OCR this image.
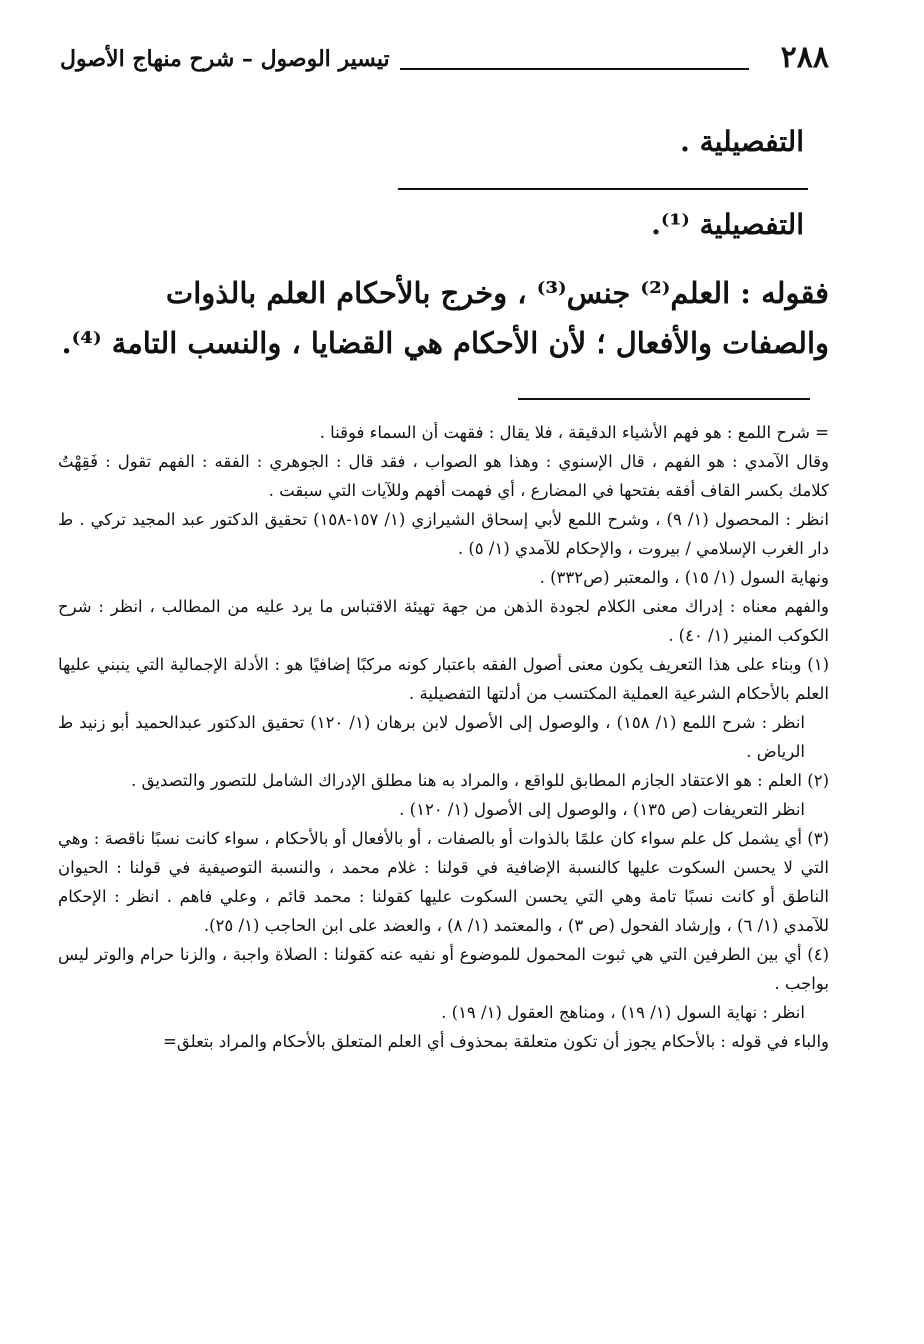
٢٨٨
تيسير الوصول – شرح منهاج الأصول
التفصيلية .
التفصيلية ⁽¹⁾.
فقوله : العلم⁽²⁾ جنس⁽³⁾ ، وخرج بالأحكام العلم بالذوات
والصفات والأفعال ؛ لأن الأحكام هي القضايا ، والنسب التامة ⁽⁴⁾.

= شرح اللمع : هو فهم الأشياء الدقيقة ، فلا يقال : فقهت أن السماء فوقنا .

وقال الآمدي : هو الفهم ، قال الإسنوي : وهذا هو الصواب ، فقد قال : الجوهري : الفقه : الفهم تقول : فَقِهْتُ كلامك بكسر القاف أفقه بفتحها في المضارع ، أي فهمت أفهم وللآيات التي سبقت .

انظر : المحصول (١/ ٩) ، وشرح اللمع لأبي إسحاق الشيرازي (١/ ١٥٧-١٥٨) تحقيق الدكتور عبد المجيد تركي . ط دار الغرب الإسلامي / بيروت ، والإحكام للآمدي (١/ ٥) .

ونهاية السول (١/ ١٥) ، والمعتبر (ص٣٣٢) .

والفهم معناه : إدراك معنى الكلام لجودة الذهن من جهة تهيئة الاقتباس ما يرد عليه من المطالب ، انظر : شرح الكوكب المنير (١/ ٤٠) .

(١) وبناء على هذا التعريف يكون معنى أصول الفقه باعتبار كونه مركبًا إضافيًا هو : الأدلة الإجمالية التي ينبني عليها العلم بالأحكام الشرعية العملية المكتسب من أدلتها التفصيلية .

انظر : شرح اللمع (١/ ١٥٨) ، والوصول إلى الأصول لابن برهان (١/ ١٢٠) تحقيق الدكتور عبدالحميد أبو زنيد ط الرياض .

(٢) العلم : هو الاعتقاد الجازم المطابق للواقع ، والمراد به هنا مطلق الإدراك الشامل للتصور والتصديق .

انظر التعريفات (ص ١٣٥) ، والوصول إلى الأصول (١/ ١٢٠) .

(٣) أي يشمل كل علم سواء كان علمًا بالذوات أو بالصفات ، أو بالأفعال أو بالأحكام ، سواء كانت نسبًا ناقصة : وهي التي لا يحسن السكوت عليها كالنسبة الإضافية في قولنا : غلام محمد ، والنسبة التوصيفية في قولنا : الحيوان الناطق أو كانت نسبًا تامة وهي التي يحسن السكوت عليها كقولنا : محمد قائم ، وعلي فاهم . انظر : الإحكام للآمدي (١/ ٦) ، وإرشاد الفحول (ص ٣) ، والمعتمد (١/ ٨) ، والعضد على ابن الحاجب (١/ ٢٥).

(٤) أي بين الطرفين التي هي ثبوت المحمول للموضوع أو نفيه عنه كقولنا : الصلاة واجبة ، والزنا حرام والوتر ليس بواجب .

انظر : نهاية السول (١/ ١٩) ، ومناهج العقول (١/ ١٩) .

والباء في قوله : بالأحكام يجوز أن تكون متعلقة بمحذوف أي العلم المتعلق بالأحكام والمراد بتعلق=
